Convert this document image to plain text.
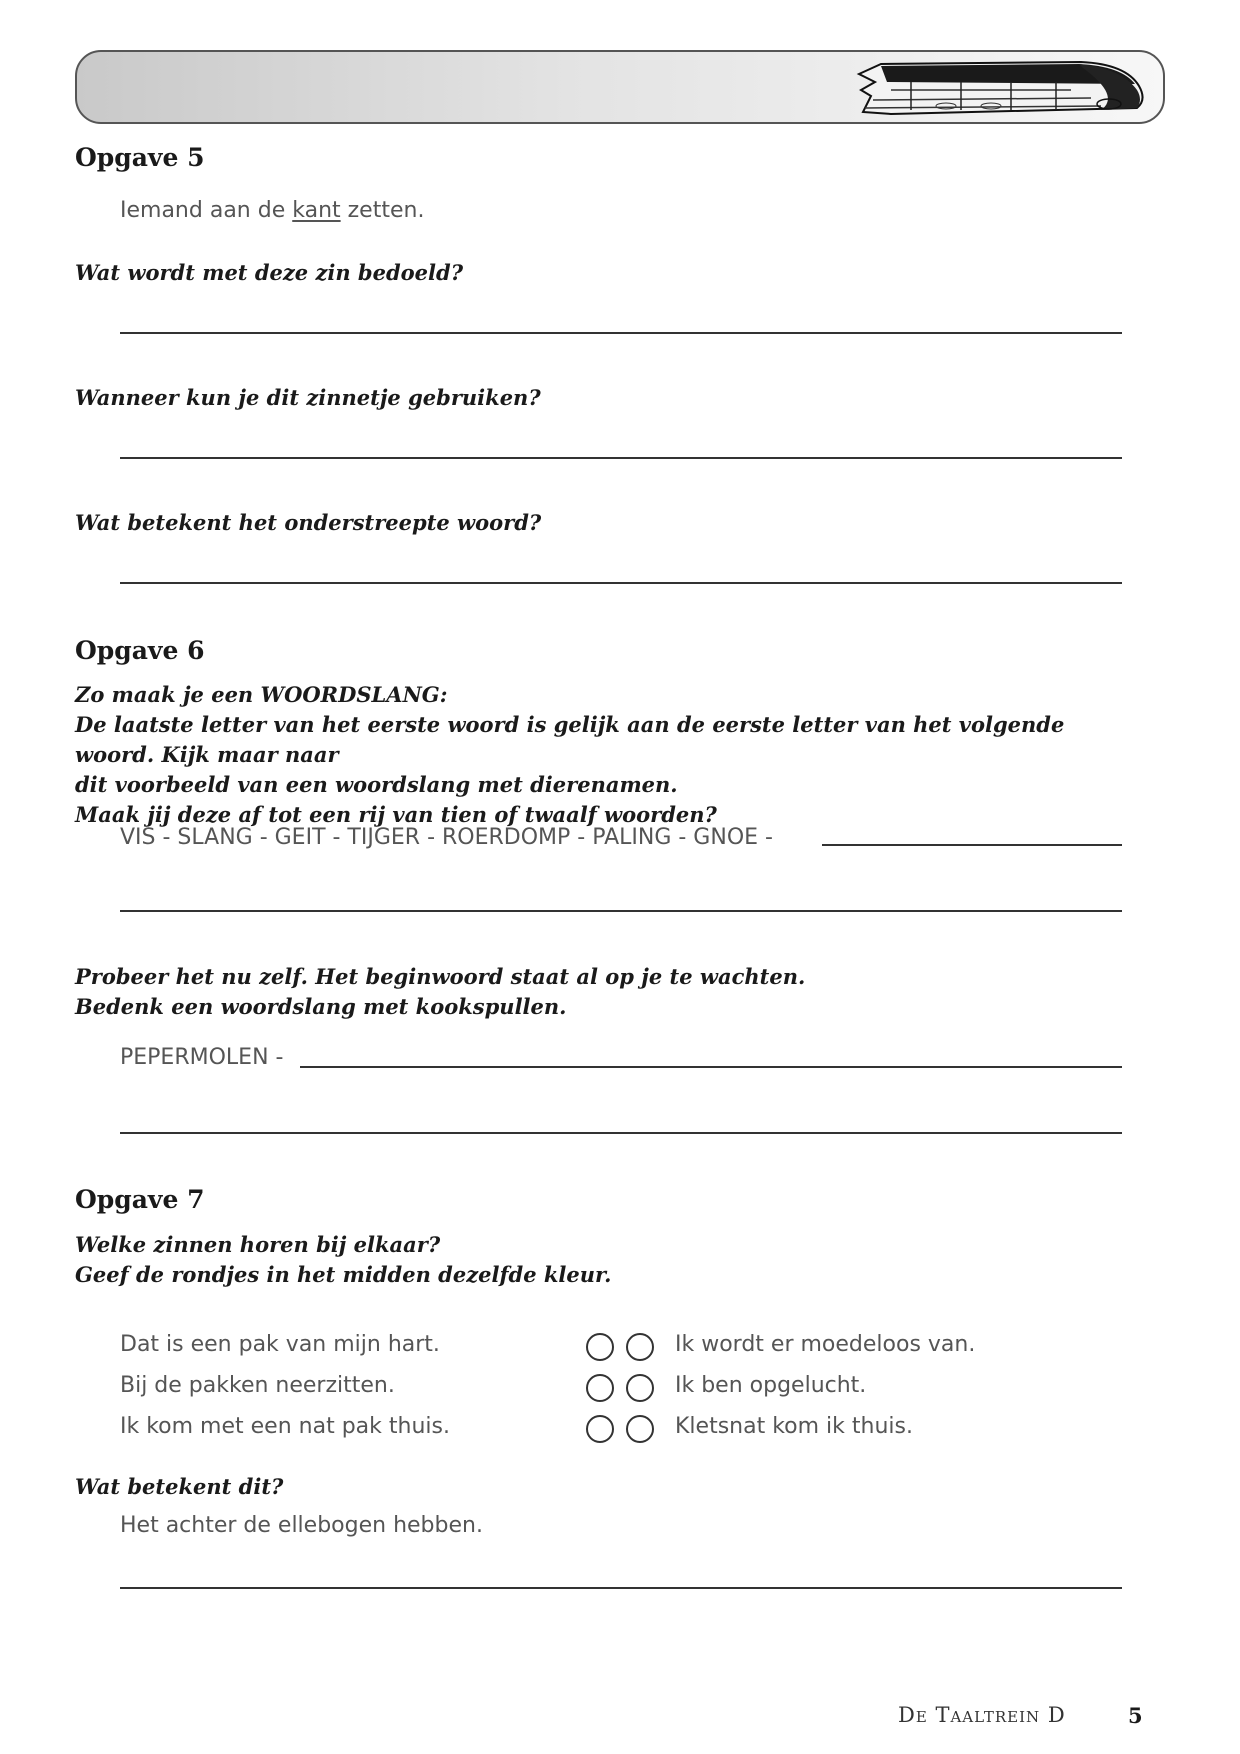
Opgave 5

Iemand aan de kant zetten.

Wat wordt met deze zin bedoeld?

Wanneer kun je dit zinnetje gebruiken?

Wat betekent het onderstreepte woord?

Opgave 6
Zo maak je een WOORDSLANG:
De laatste letter van het eerste woord is gelijk aan de eerste letter van het volgende woord. Kijk maar naar
dit voorbeeld van een woordslang met dierenamen.
Maak jij deze af tot een rij van tien of twaalf woorden?

VIS - SLANG - GEIT - TIJGER - ROERDOMP - PALING - GNOE -

Probeer het nu zelf. Het beginwoord staat al op je te wachten.
Bedenk een woordslang met kookspullen.

PEPERMOLEN -

Opgave 7
Welke zinnen horen bij elkaar?
Geef de rondjes in het midden dezelfde kleur.

Dat is een pak van mijn hart.	Ik wordt er moedeloos van.

Bij de pakken neerzitten.	Ik ben opgelucht.

Ik kom met een nat pak thuis.	Kletsnat kom ik thuis.

Wat betekent dit?

Het achter de ellebogen hebben.

De Taaltrein D	5
